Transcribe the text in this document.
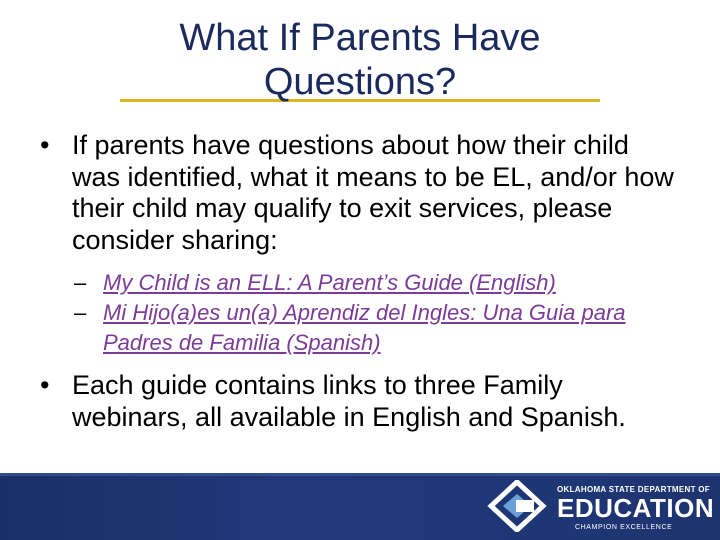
What If Parents Have
Questions?
• If parents have questions about how their child was identified, what it means to be EL, and/or how their child may qualify to exit services, please consider sharing:
– My Child is an ELL: A Parent’s Guide (English)
– Mi Hijo(a)es un(a) Aprendiz del Ingles: Una Guia para Padres de Familia (Spanish)
• Each guide contains links to three Family webinars, all available in English and Spanish.
OKLAHOMA STATE DEPARTMENT OF
EDUCATION
CHAMPION EXCELLENCE
